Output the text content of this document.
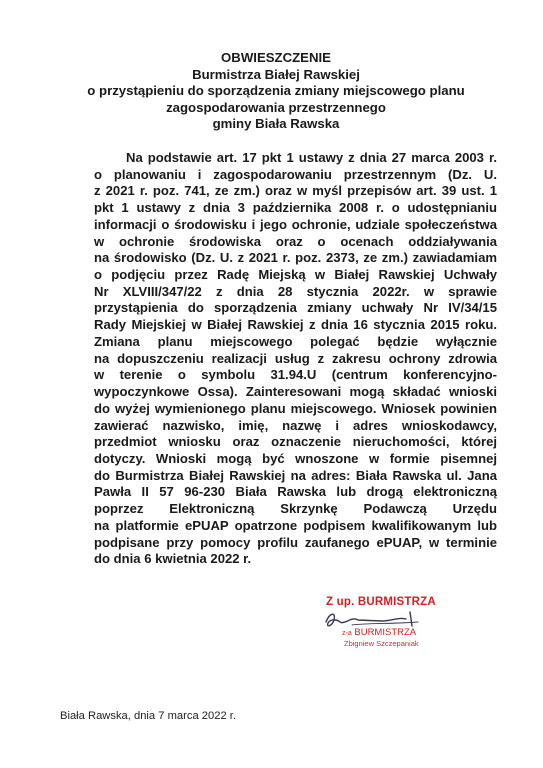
OBWIESZCZENIE
Burmistrza Białej Rawskiej
o przystąpieniu do sporządzenia zmiany miejscowego planu
zagospodarowania przestrzennego
gminy Biała Rawska
Na podstawie art. 17 pkt 1 ustawy z dnia 27 marca 2003 r.
o planowaniu i zagospodarowaniu przestrzennym (Dz. U.
z 2021 r. poz. 741, ze zm.) oraz w myśl przepisów art. 39 ust. 1
pkt 1 ustawy z dnia 3 października 2008 r. o udostępnianiu
informacji o środowisku i jego ochronie, udziale społeczeństwa
w ochronie środowiska oraz o ocenach oddziaływania
na środowisko (Dz. U. z 2021 r. poz. 2373, ze zm.) zawiadamiam
o podjęciu przez Radę Miejską w Białej Rawskiej Uchwały
Nr XLVIII/347/22 z dnia 28 stycznia 2022r. w sprawie
przystąpienia do sporządzenia zmiany uchwały Nr IV/34/15
Rady Miejskiej w Białej Rawskiej z dnia 16 stycznia 2015 roku.
Zmiana planu miejscowego polegać będzie wyłącznie
na dopuszczeniu realizacji usług z zakresu ochrony zdrowia
w terenie o symbolu 31.94.U (centrum konferencyjno-
wypoczynkowe Ossa). Zainteresowani mogą składać wnioski
do wyżej wymienionego planu miejscowego. Wniosek powinien
zawierać nazwisko, imię, nazwę i adres wnioskodawcy,
przedmiot wniosku oraz oznaczenie nieruchomości, której
dotyczy. Wnioski mogą być wnoszone w formie pisemnej
do Burmistrza Białej Rawskiej na adres: Biała Rawska ul. Jana
Pawła II 57 96-230 Biała Rawska lub drogą elektroniczną
poprzez Elektroniczną Skrzynkę Podawczą Urzędu
na platformie ePUAP opatrzone podpisem kwalifikowanym lub
podpisane przy pomocy profilu zaufanego ePUAP, w terminie
do dnia 6 kwietnia 2022 r.
Z up. BURMISTRZA
z-a BURMISTRZA
Zbigniew Szczepaniak
Biała Rawska, dnia 7 marca 2022 r.
